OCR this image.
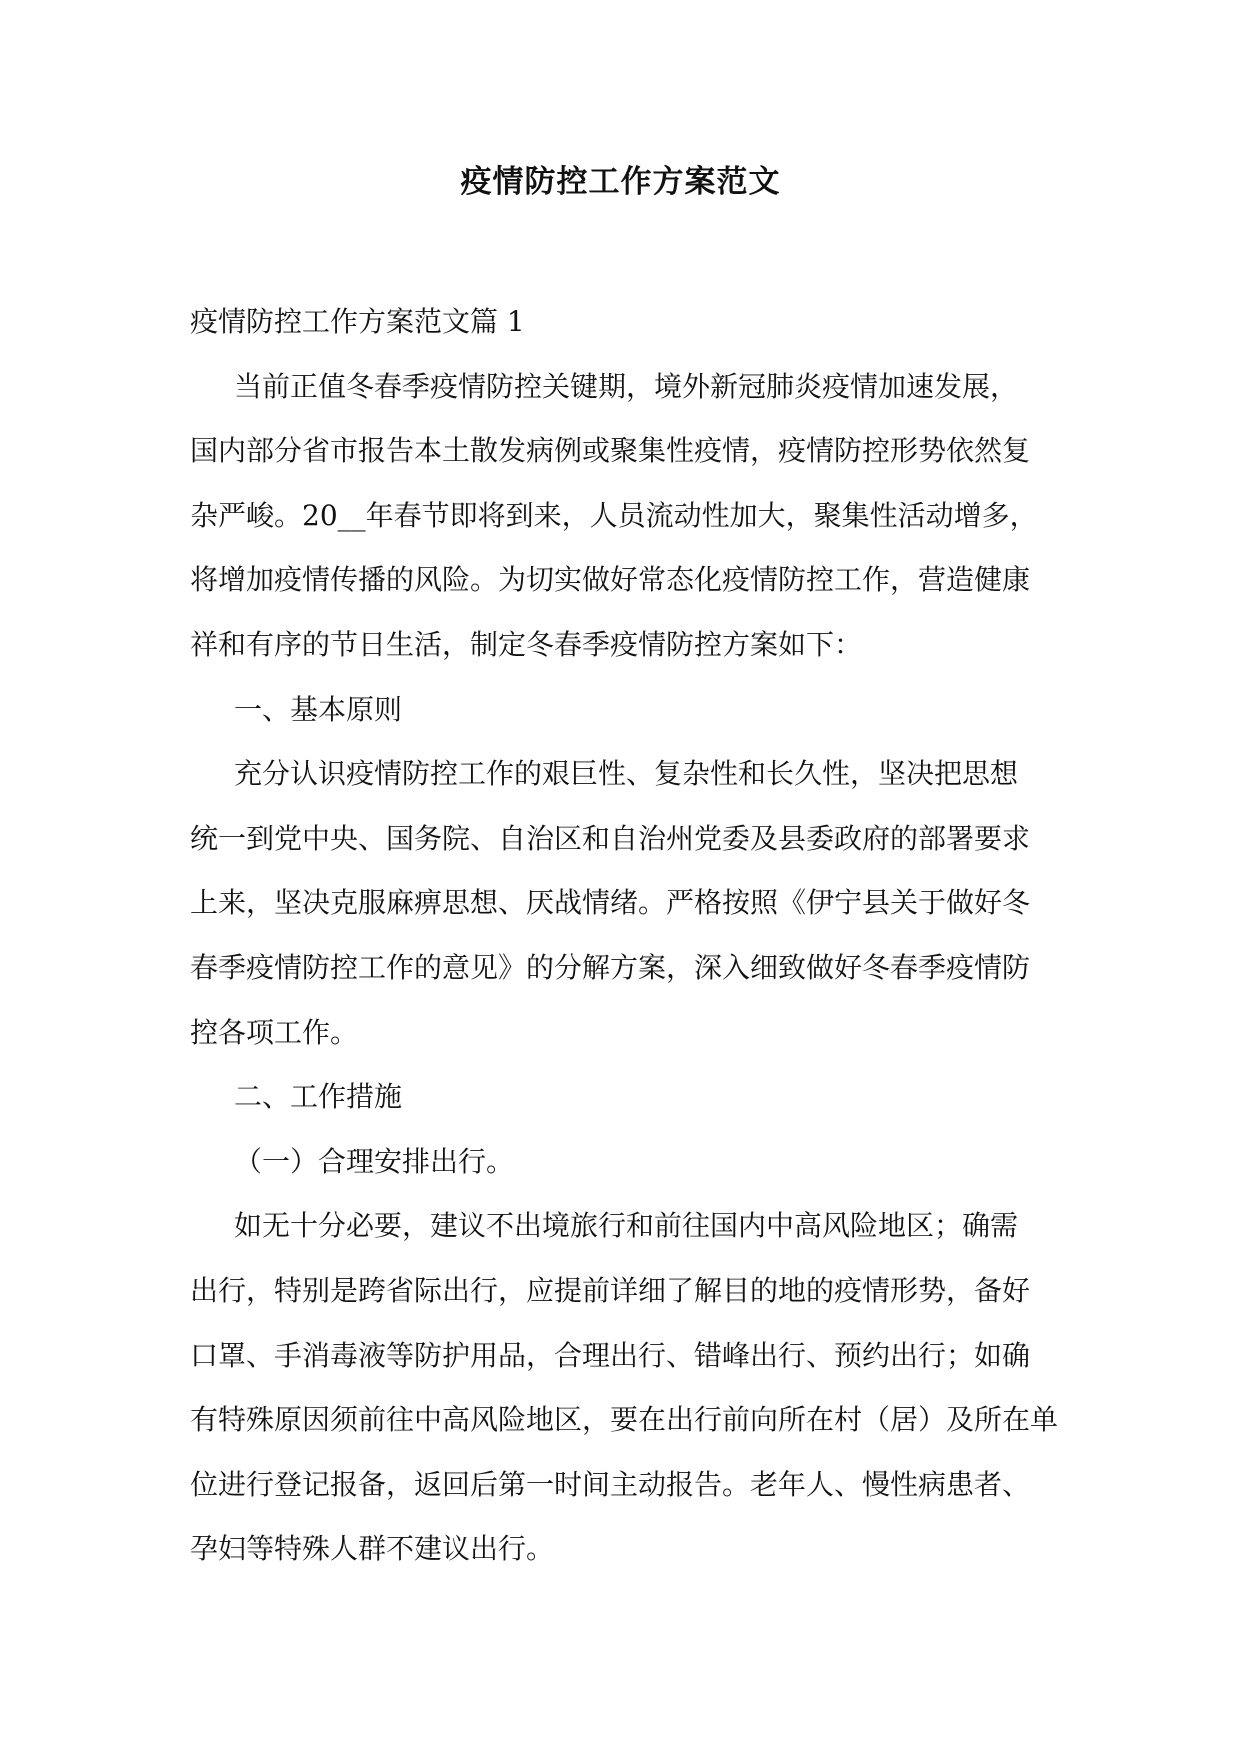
疫情防控工作方案范文
疫情防控工作方案范文篇 1
当前正值冬春季疫情防控关键期，境外新冠肺炎疫情加速发展，
国内部分省市报告本土散发病例或聚集性疫情，疫情防控形势依然复
杂严峻。20__年春节即将到来，人员流动性加大，聚集性活动增多，
将增加疫情传播的风险。为切实做好常态化疫情防控工作，营造健康
祥和有序的节日生活，制定冬春季疫情防控方案如下：
一、基本原则
充分认识疫情防控工作的艰巨性、复杂性和长久性，坚决把思想
统一到党中央、国务院、自治区和自治州党委及县委政府的部署要求
上来，坚决克服麻痹思想、厌战情绪。严格按照《伊宁县关于做好冬
春季疫情防控工作的意见》的分解方案，深入细致做好冬春季疫情防
控各项工作。
二、工作措施
（一）合理安排出行。
如无十分必要，建议不出境旅行和前往国内中高风险地区；确需
出行，特别是跨省际出行，应提前详细了解目的地的疫情形势，备好
口罩、手消毒液等防护用品，合理出行、错峰出行、预约出行；如确
有特殊原因须前往中高风险地区，要在出行前向所在村（居）及所在单
位进行登记报备，返回后第一时间主动报告。老年人、慢性病患者、
孕妇等特殊人群不建议出行。
